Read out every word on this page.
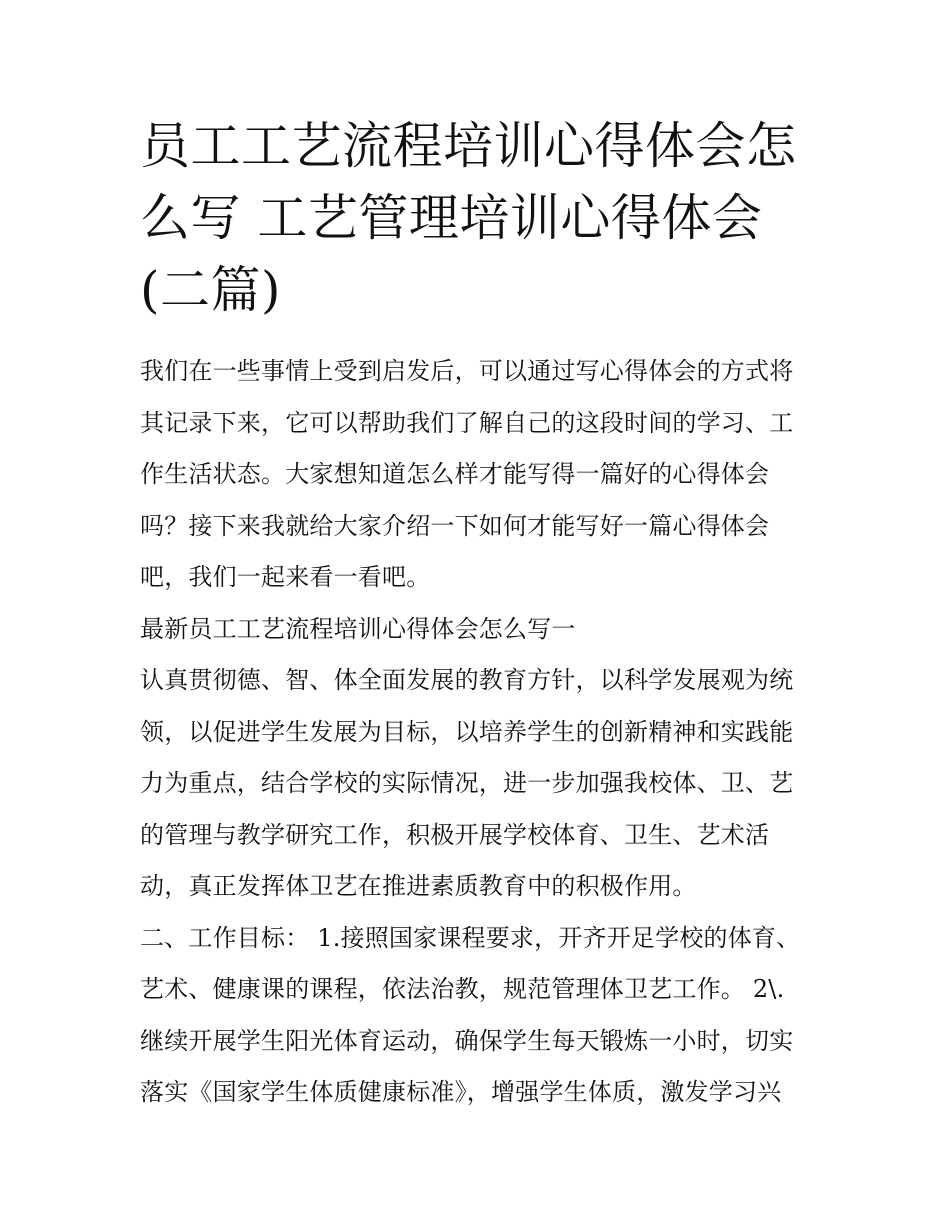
员工工艺流程培训心得体会怎
么写 工艺管理培训心得体会
(二篇)
我们在一些事情上受到启发后，可以通过写心得体会的方式将
其记录下来，它可以帮助我们了解自己的这段时间的学习、工
作生活状态。大家想知道怎么样才能写得一篇好的心得体会
吗？接下来我就给大家介绍一下如何才能写好一篇心得体会
吧，我们一起来看一看吧。
最新员工工艺流程培训心得体会怎么写一
认真贯彻德、智、体全面发展的教育方针，以科学发展观为统
领，以促进学生发展为目标，以培养学生的创新精神和实践能
力为重点，结合学校的实际情况，进一步加强我校体、卫、艺
的管理与教学研究工作，积极开展学校体育、卫生、艺术活
动，真正发挥体卫艺在推进素质教育中的积极作用。
二、工作目标： 1.接照国家课程要求，开齐开足学校的体育、
艺术、健康课的课程，依法治教，规范管理体卫艺工作。 2\.
继续开展学生阳光体育运动，确保学生每天锻炼一小时，切实
落实《国家学生体质健康标准》，增强学生体质，激发学习兴
